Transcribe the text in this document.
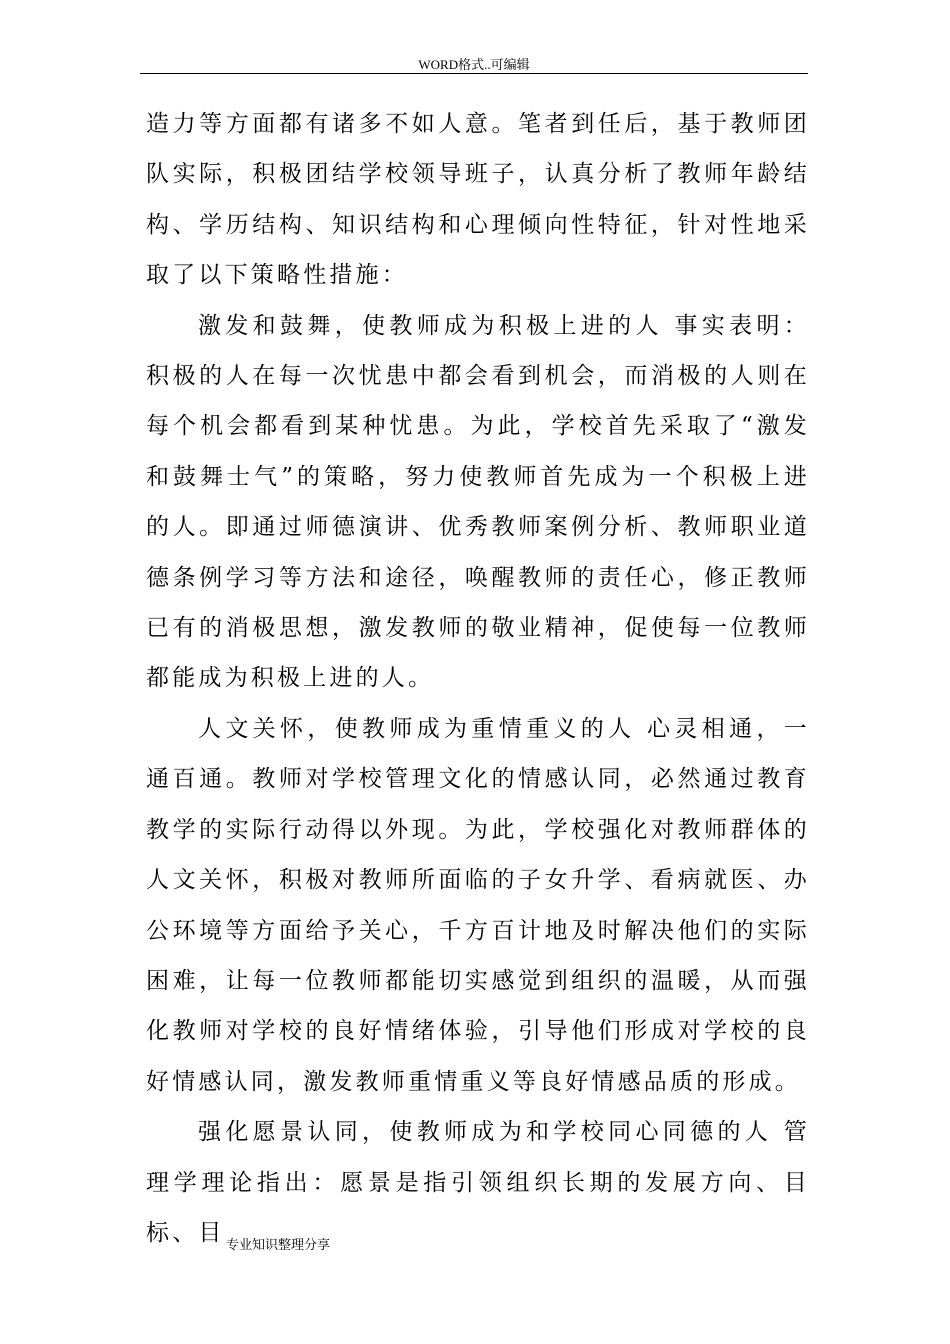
WORD格式..可编辑

造力等方面都有诸多不如人意。笔者到任后，基于教师团队实际，积极团结学校领导班子，认真分析了教师年龄结构、学历结构、知识结构和心理倾向性特征，针对性地采取了以下策略性措施：

激发和鼓舞，使教师成为积极上进的人 事实表明：积极的人在每一次忧患中都会看到机会，而消极的人则在每个机会都看到某种忧患。为此，学校首先采取了“激发和鼓舞士气”的策略，努力使教师首先成为一个积极上进的人。即通过师德演讲、优秀教师案例分析、教师职业道德条例学习等方法和途径，唤醒教师的责任心，修正教师已有的消极思想，激发教师的敬业精神，促使每一位教师都能成为积极上进的人。

人文关怀，使教师成为重情重义的人 心灵相通，一通百通。教师对学校管理文化的情感认同，必然通过教育教学的实际行动得以外现。为此，学校强化对教师群体的人文关怀，积极对教师所面临的子女升学、看病就医、办公环境等方面给予关心，千方百计地及时解决他们的实际困难，让每一位教师都能切实感觉到组织的温暖，从而强化教师对学校的良好情绪体验，引导他们形成对学校的良好情感认同，激发教师重情重义等良好情感品质的形成。

强化愿景认同，使教师成为和学校同心同德的人 管理学理论指出：愿景是指引领组织长期的发展方向、目标、目 专业知识整理分享
